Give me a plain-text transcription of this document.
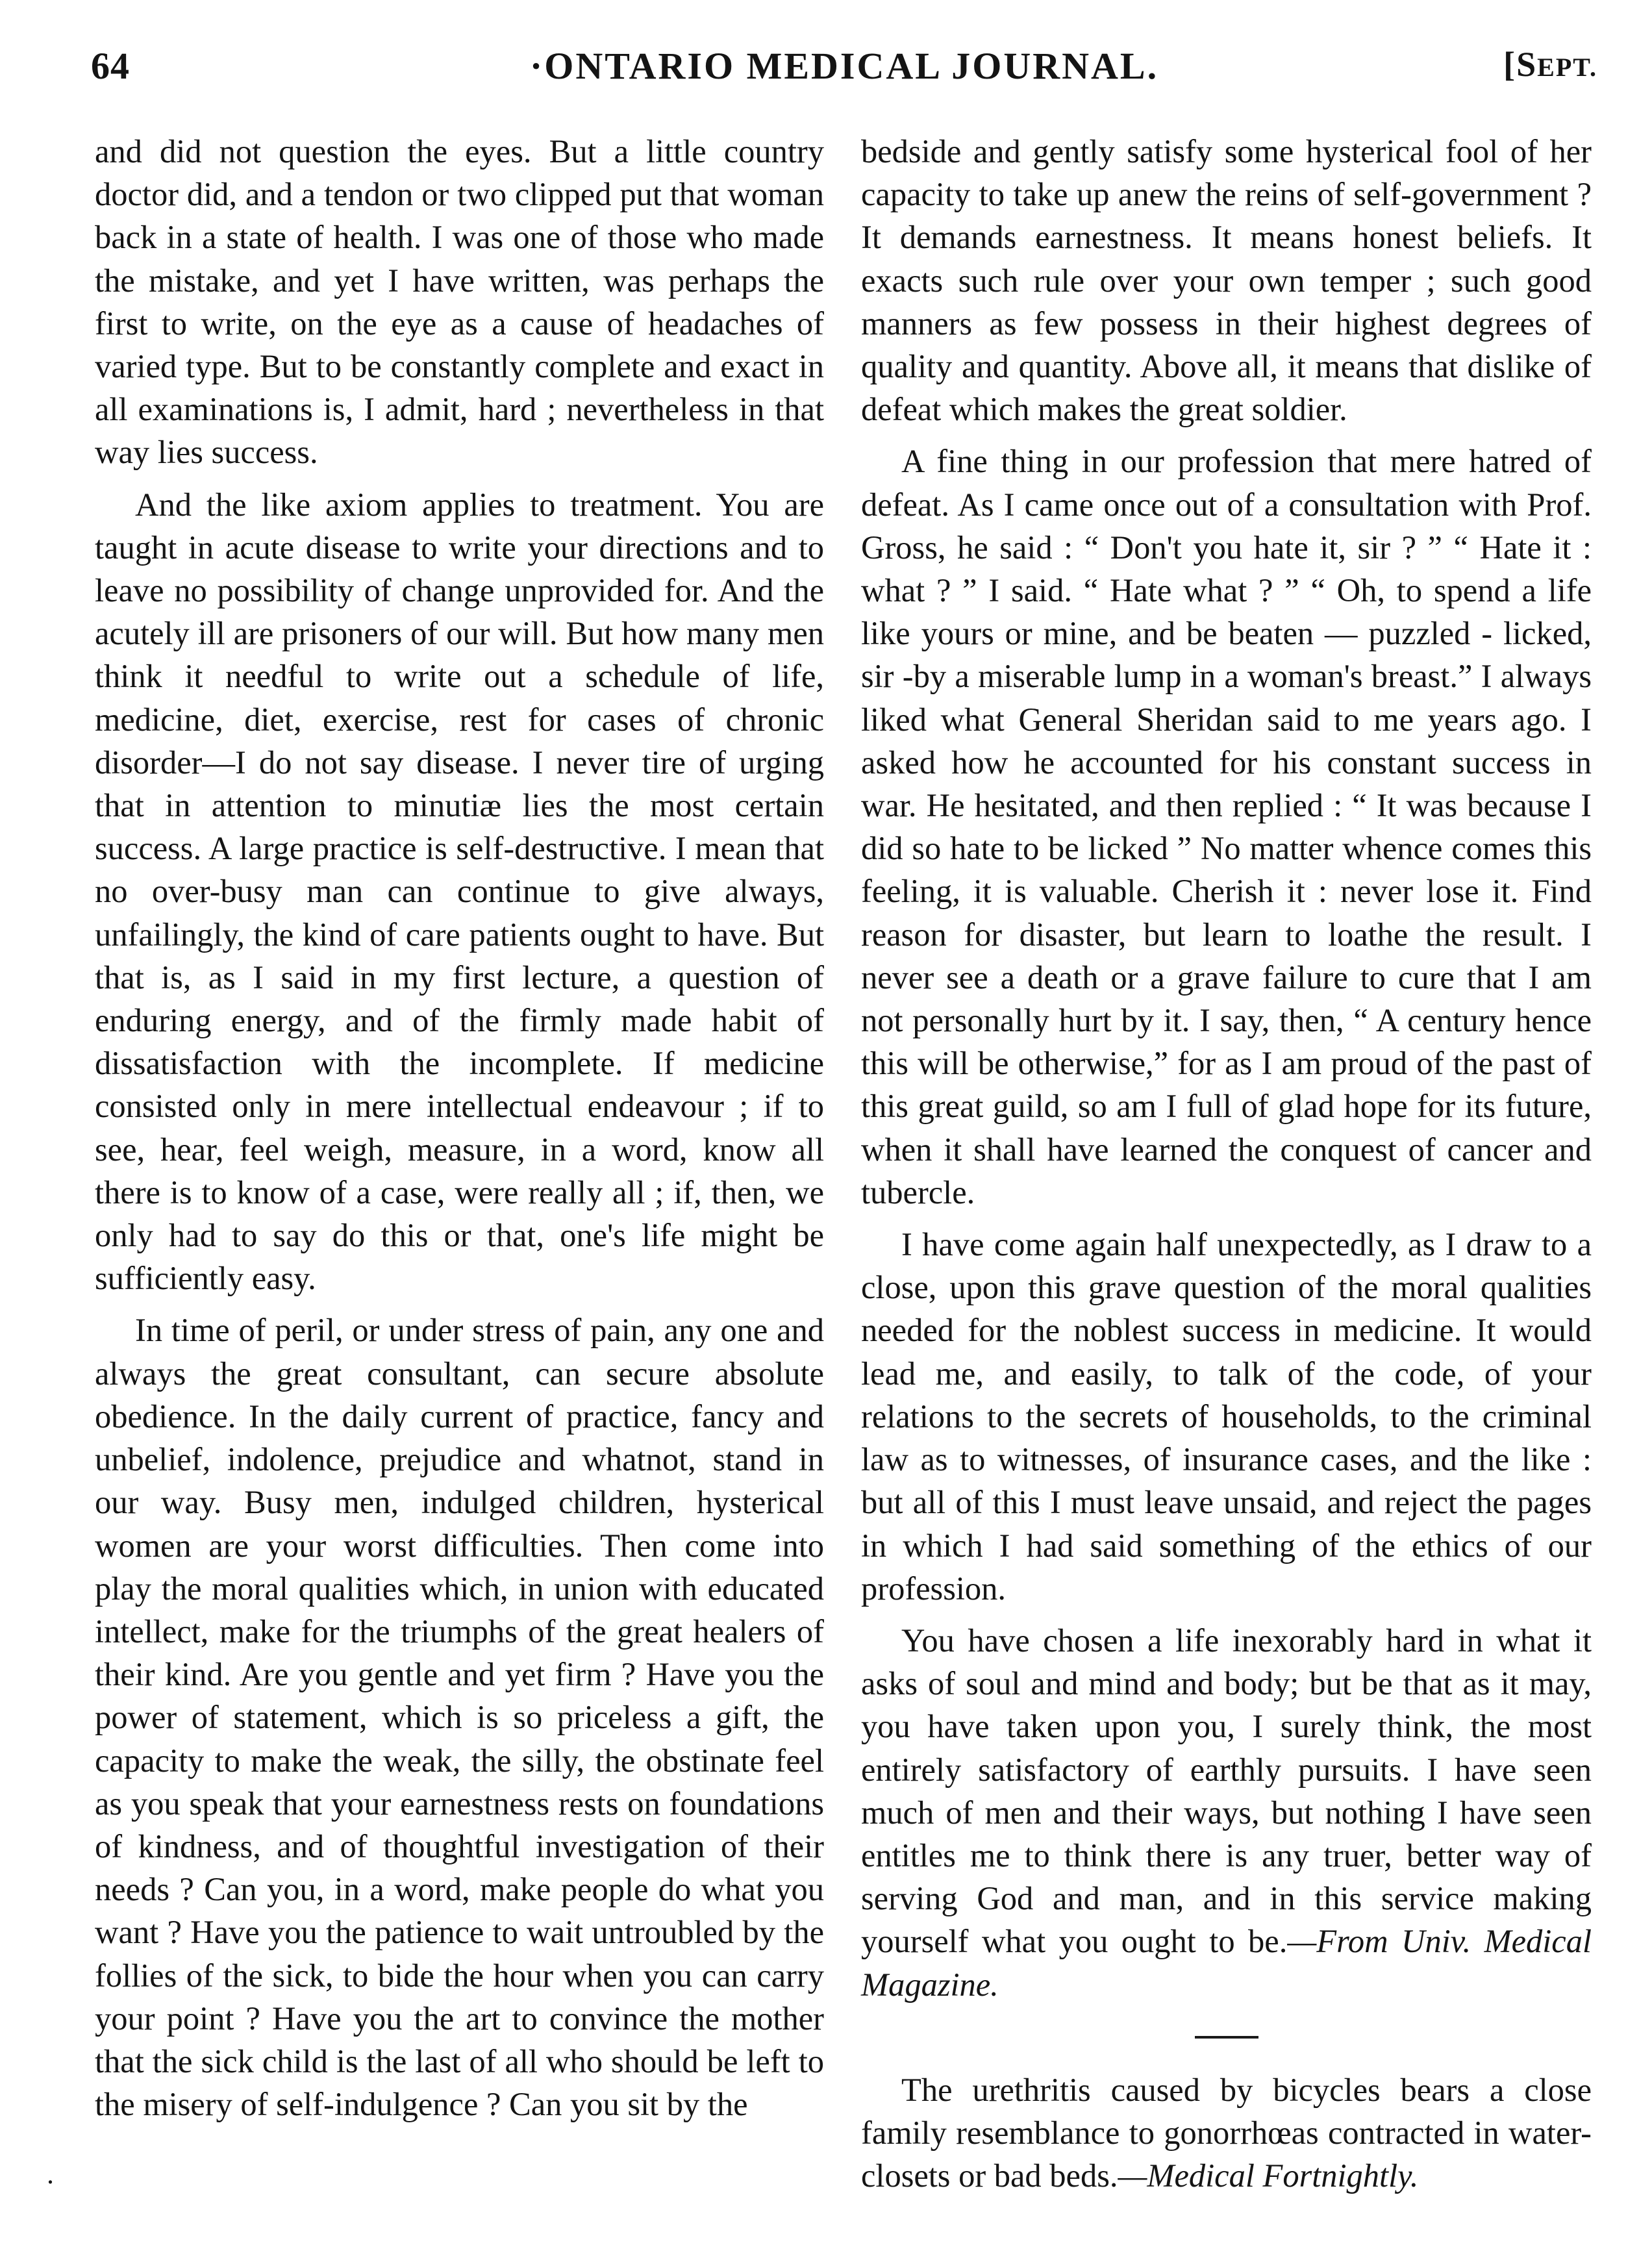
64	·ONTARIO MEDICAL JOURNAL.	[SEPT.

and did not question the eyes. But a little country doctor did, and a tendon or two clipped put that woman back in a state of health. I was one of those who made the mistake, and yet I have written, was perhaps the first to write, on the eye as a cause of headaches of varied type. But to be constantly complete and exact in all examinations is, I admit, hard ; nevertheless in that way lies success.

And the like axiom applies to treatment. You are taught in acute disease to write your directions and to leave no possibility of change unprovided for. And the acutely ill are prisoners of our will. But how many men think it needful to write out a schedule of life, medicine, diet, exercise, rest for cases of chronic disorder—I do not say disease. I never tire of urging that in attention to minutiæ lies the most certain success. A large practice is self-destructive. I mean that no over-busy man can continue to give always, unfailingly, the kind of care patients ought to have. But that is, as I said in my first lecture, a question of enduring energy, and of the firmly made habit of dissatisfaction with the incomplete. If medicine consisted only in mere intellectual endeavour ; if to see, hear, feel weigh, measure, in a word, know all there is to know of a case, were really all ; if, then, we only had to say do this or that, one's life might be sufficiently easy.

In time of peril, or under stress of pain, any one and always the great consultant, can secure absolute obedience. In the daily current of practice, fancy and unbelief, indolence, prejudice and whatnot, stand in our way. Busy men, indulged children, hysterical women are your worst difficulties. Then come into play the moral qualities which, in union with educated intellect, make for the triumphs of the great healers of their kind. Are you gentle and yet firm ? Have you the power of statement, which is so priceless a gift, the capacity to make the weak, the silly, the obstinate feel as you speak that your earnestness rests on foundations of kindness, and of thoughtful investigation of their needs ? Can you, in a word, make people do what you want ? Have you the patience to wait untroubled by the follies of the sick, to bide the hour when you can carry your point ? Have you the art to convince the mother that the sick child is the last of all who should be left to the misery of self-indulgence ? Can you sit by the

bedside and gently satisfy some hysterical fool of her capacity to take up anew the reins of self-government ? It demands earnestness. It means honest beliefs. It exacts such rule over your own temper ; such good manners as few possess in their highest degrees of quality and quantity. Above all, it means that dislike of defeat which makes the great soldier.

A fine thing in our profession that mere hatred of defeat. As I came once out of a consultation with Prof. Gross, he said : “ Don't you hate it, sir ? ” “ Hate it : what ? ” I said. “ Hate what ? ” “ Oh, to spend a life like yours or mine, and be beaten — puzzled - licked, sir -by a miserable lump in a woman's breast.” I always liked what General Sheridan said to me years ago. I asked how he accounted for his constant success in war. He hesitated, and then replied : “ It was because I did so hate to be licked ” No matter whence comes this feeling, it is valuable. Cherish it : never lose it. Find reason for disaster, but learn to loathe the result. I never see a death or a grave failure to cure that I am not personally hurt by it. I say, then, “ A century hence this will be otherwise,” for as I am proud of the past of this great guild, so am I full of glad hope for its future, when it shall have learned the conquest of cancer and tubercle.

I have come again half unexpectedly, as I draw to a close, upon this grave question of the moral qualities needed for the noblest success in medicine. It would lead me, and easily, to talk of the code, of your relations to the secrets of households, to the criminal law as to witnesses, of insurance cases, and the like : but all of this I must leave unsaid, and reject the pages in which I had said something of the ethics of our profession.

You have chosen a life inexorably hard in what it asks of soul and mind and body; but be that as it may, you have taken upon you, I surely think, the most entirely satisfactory of earthly pursuits. I have seen much of men and their ways, but nothing I have seen entitles me to think there is any truer, better way of serving God and man, and in this service making yourself what you ought to be.—From Univ. Medical Magazine.

The urethritis caused by bicycles bears a close family resemblance to gonorrhœas contracted in water-closets or bad beds.—Medical Fortnightly.

.
